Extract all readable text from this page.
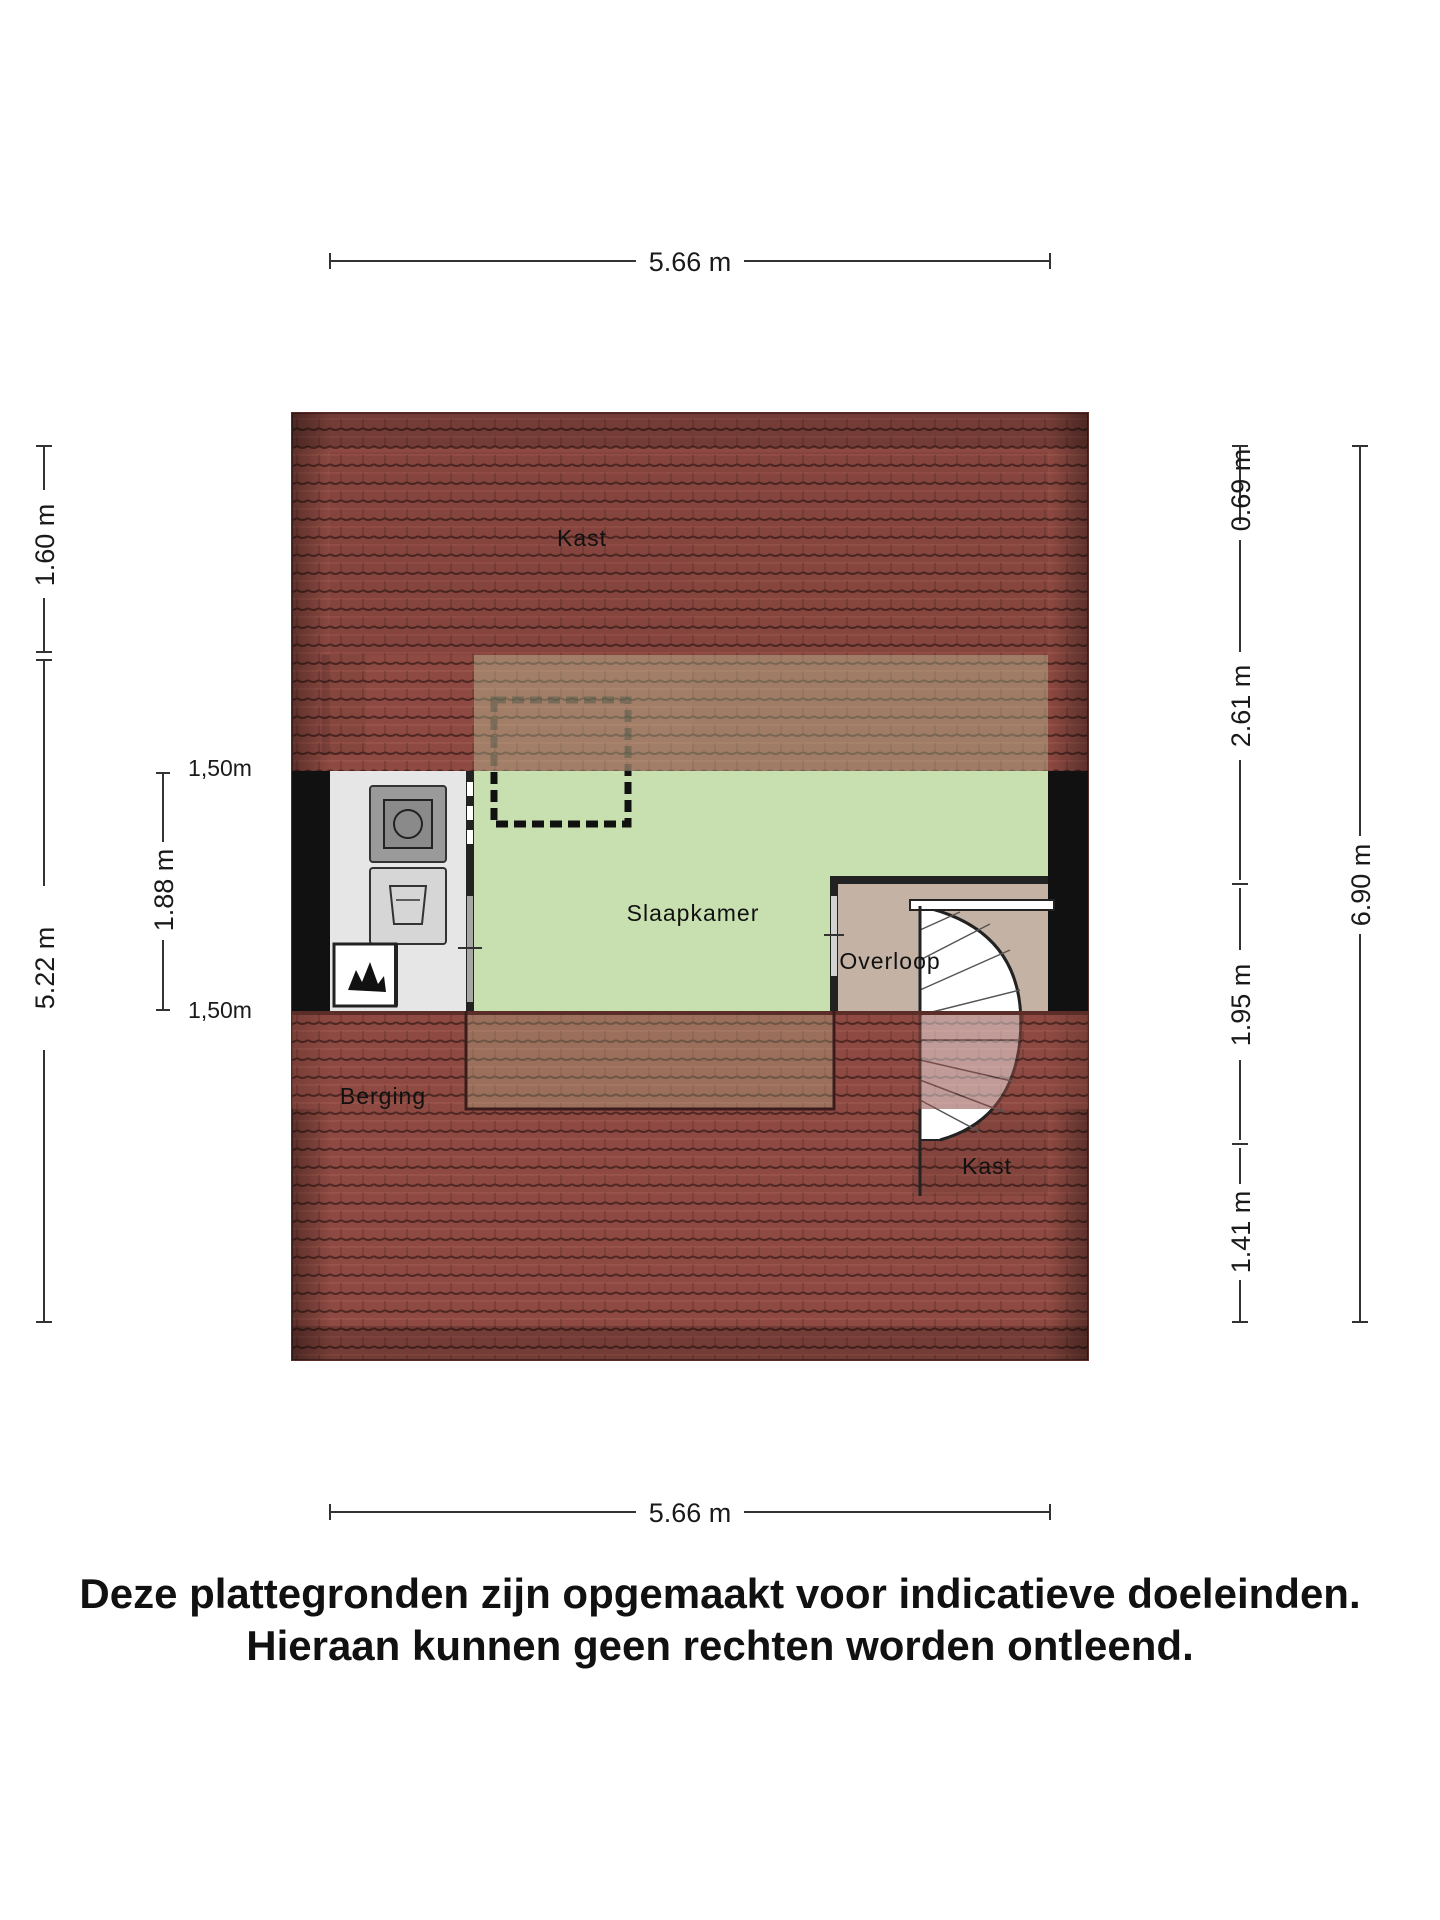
5.66 m
5.66 m
1.60 m
5.22 m
1.88 m
1,50m
1,50m
0.69 m
2.61 m
1.95 m
1.41 m
6.90 m
Kast
Slaapkamer
Overloop
Berging
Kast
Deze plattegronden zijn opgemaakt voor indicatieve doeleinden.
Hieraan kunnen geen rechten worden ontleend.
